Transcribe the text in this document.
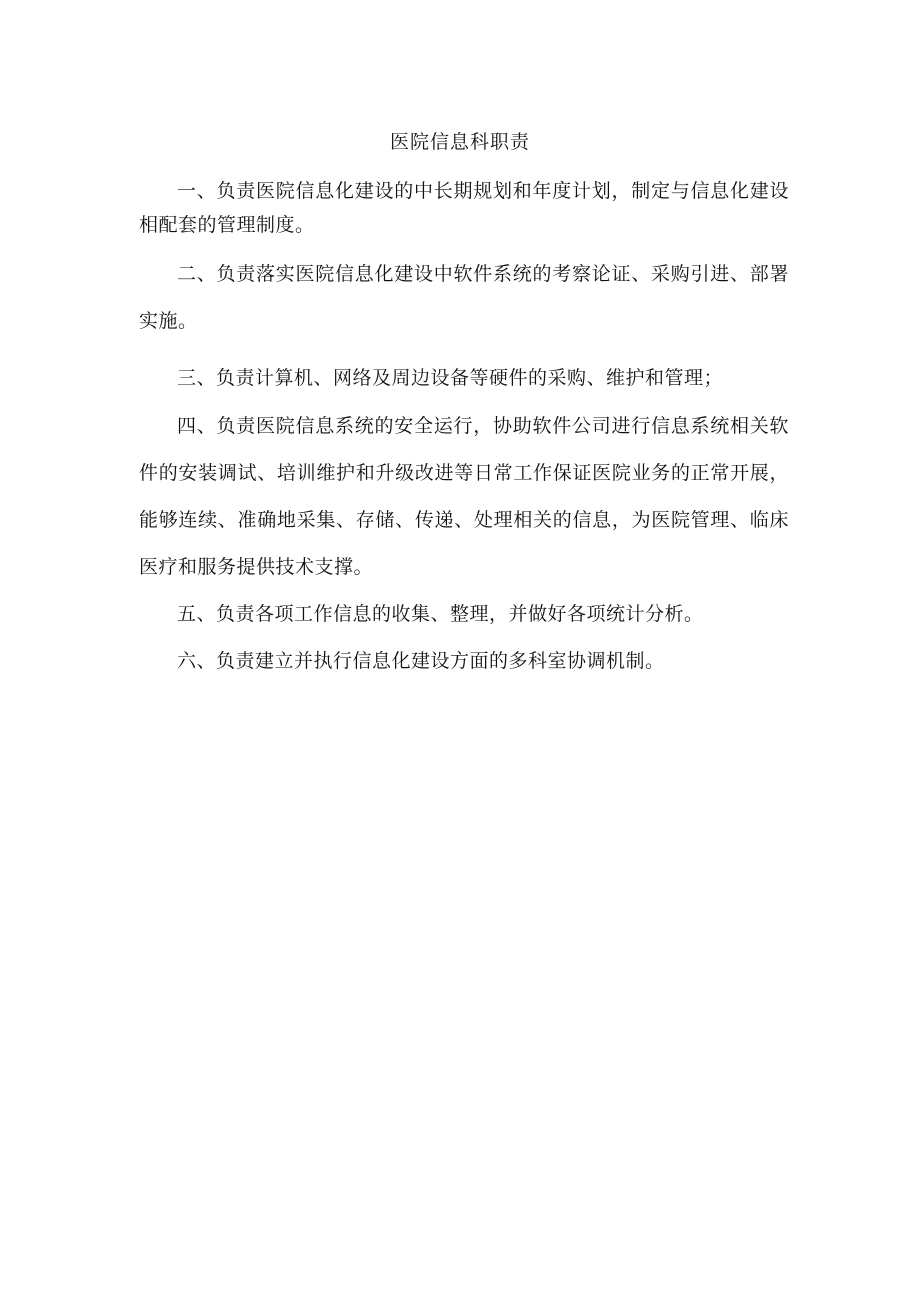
医院信息科职责

一、负责医院信息化建设的中长期规划和年度计划，制定与信息化建设相配套的管理制度。

二、负责落实医院信息化建设中软件系统的考察论证、采购引进、部署实施。

三、负责计算机、网络及周边设备等硬件的采购、维护和管理；

四、负责医院信息系统的安全运行，协助软件公司进行信息系统相关软件的安装调试、培训维护和升级改进等日常工作保证医院业务的正常开展，能够连续、准确地采集、存储、传递、处理相关的信息，为医院管理、临床医疗和服务提供技术支撑。

五、负责各项工作信息的收集、整理，并做好各项统计分析。

六、负责建立并执行信息化建设方面的多科室协调机制。
